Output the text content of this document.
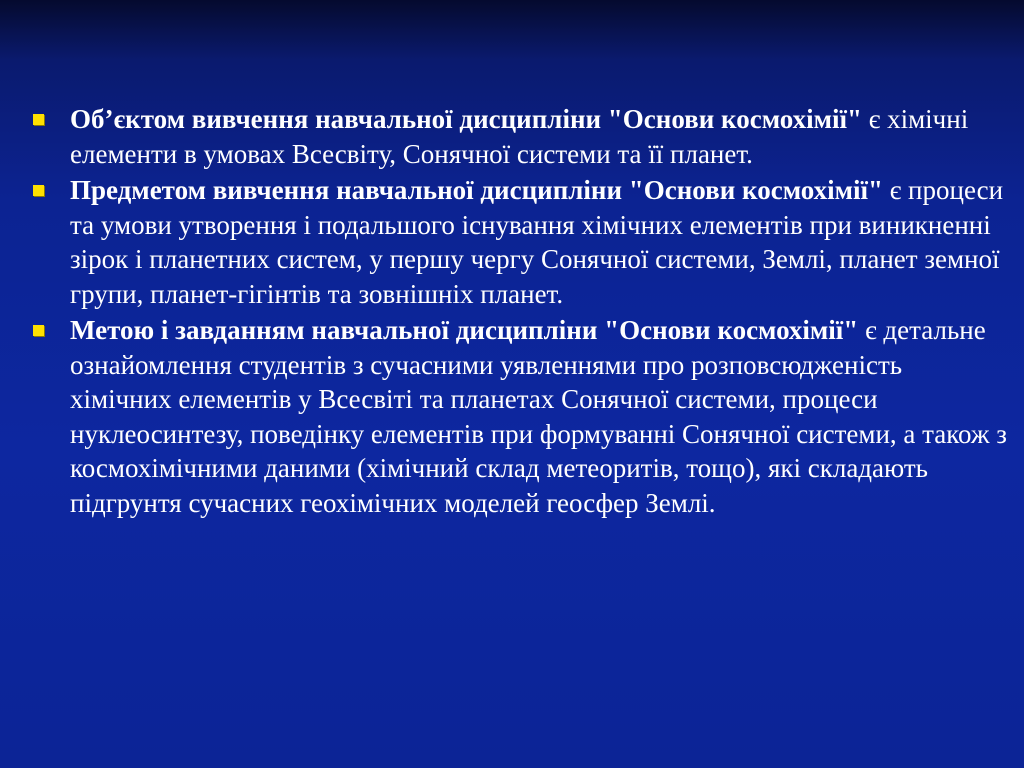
Об’єктом вивчення навчальної дисципліни "Основи космохімії" є хімічні елементи в умовах Всесвіту, Сонячної системи та її планет.
Предметом вивчення навчальної дисципліни "Основи космохімії" є процеси та умови утворення і подальшого існування хімічних елементів при виникненні зірок і планетних систем, у першу чергу Сонячної системи, Землі, планет земної групи, планет-гігінтів та зовнішніх планет.
Метою і завданням навчальної дисципліни "Основи космохімії" є детальне ознайомлення студентів з сучасними уявленнями про розповсюдженість хімічних елементів у Всесвіті та планетах Сонячної системи, процеси нуклеосинтезу, поведінку елементів при формуванні Сонячної системи, а також з космохімічними даними (хімічний склад метеоритів, тощо), які складають підгрунтя сучасних геохімічних моделей геосфер Землі.
